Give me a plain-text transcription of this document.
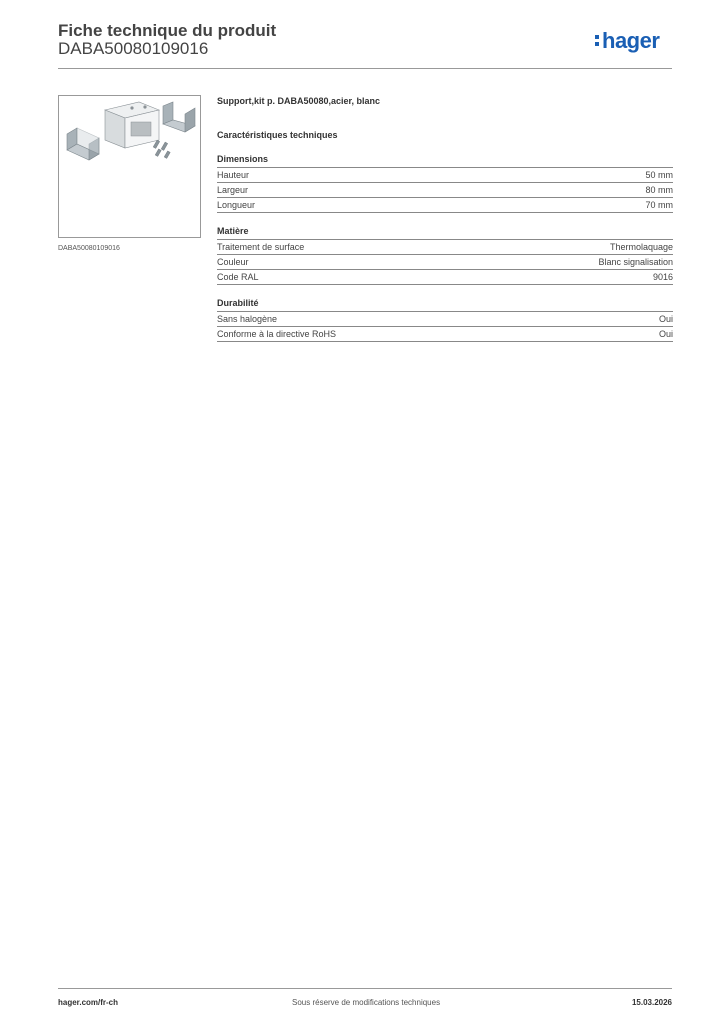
Fiche technique du produit
DABA50080109016	hager
DABA50080109016
Support,kit p. DABA50080,acier, blanc
Caractéristiques techniques
Dimensions
Hauteur	50 mm
Largeur	80 mm
Longueur	70 mm
Matière
Traitement de surface	Thermolaquage
Couleur	Blanc signalisation
Code RAL	9016
Durabilité
Sans halogène	Oui
Conforme à la directive RoHS	Oui
hager.com/fr-ch	Sous réserve de modifications techniques	15.03.2026
